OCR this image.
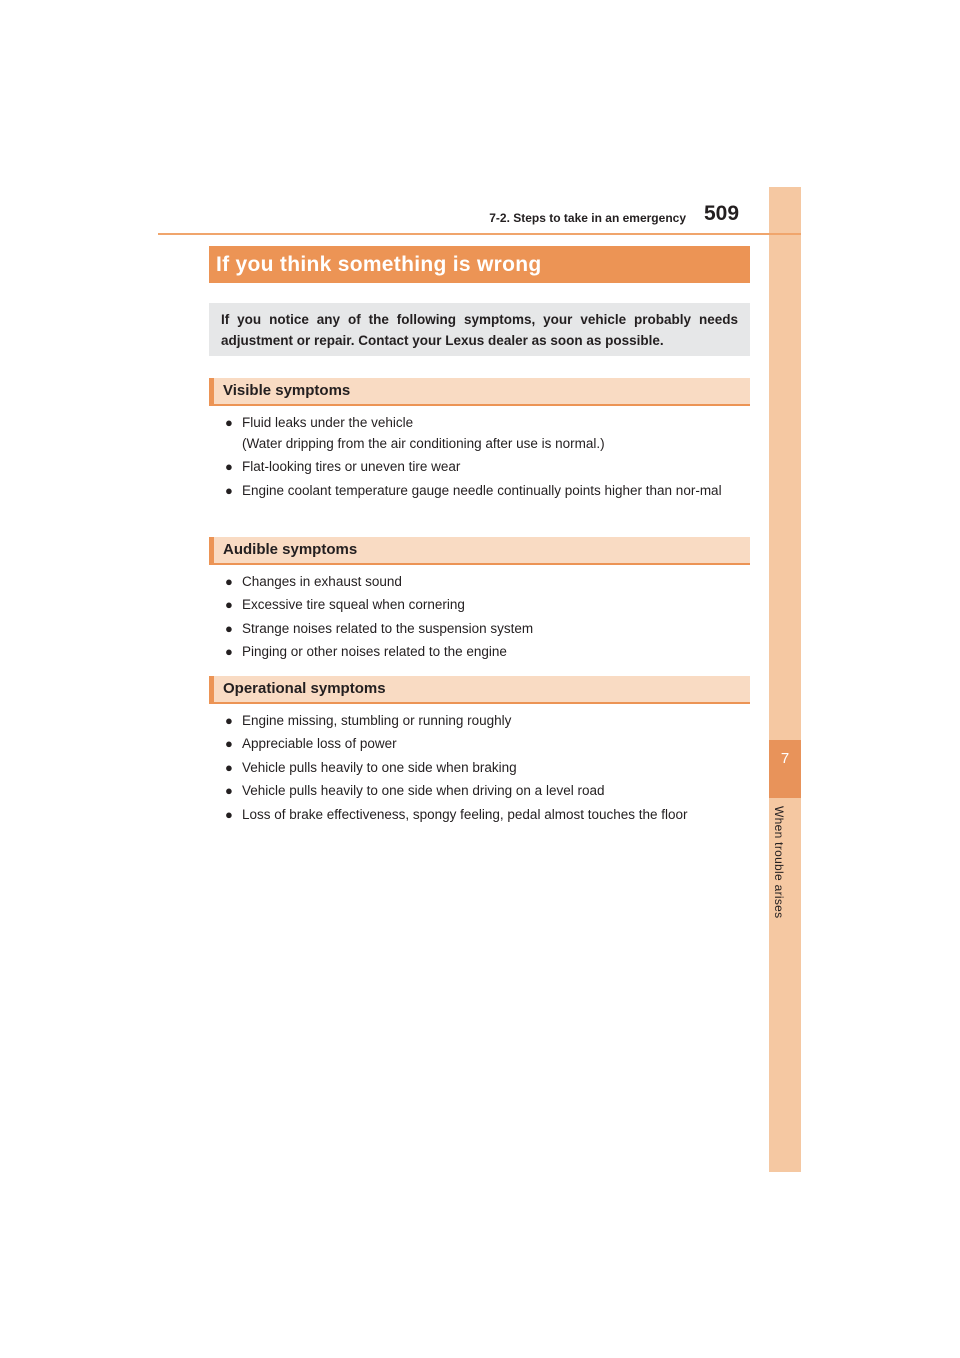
7
When trouble arises
7-2. Steps to take in an emergency 509
If you think something is wrong
If you notice any of the following symptoms, your vehicle probably needs adjustment or repair. Contact your Lexus dealer as soon as possible.
Visible symptoms
● Fluid leaks under the vehicle
(Water dripping from the air conditioning after use is normal.)
● Flat-looking tires or uneven tire wear
● Engine coolant temperature gauge needle continually points higher than nor-mal
Audible symptoms
● Changes in exhaust sound
● Excessive tire squeal when cornering
● Strange noises related to the suspension system
● Pinging or other noises related to the engine
Operational symptoms
● Engine missing, stumbling or running roughly
● Appreciable loss of power
● Vehicle pulls heavily to one side when braking
● Vehicle pulls heavily to one side when driving on a level road
● Loss of brake effectiveness, spongy feeling, pedal almost touches the floor
